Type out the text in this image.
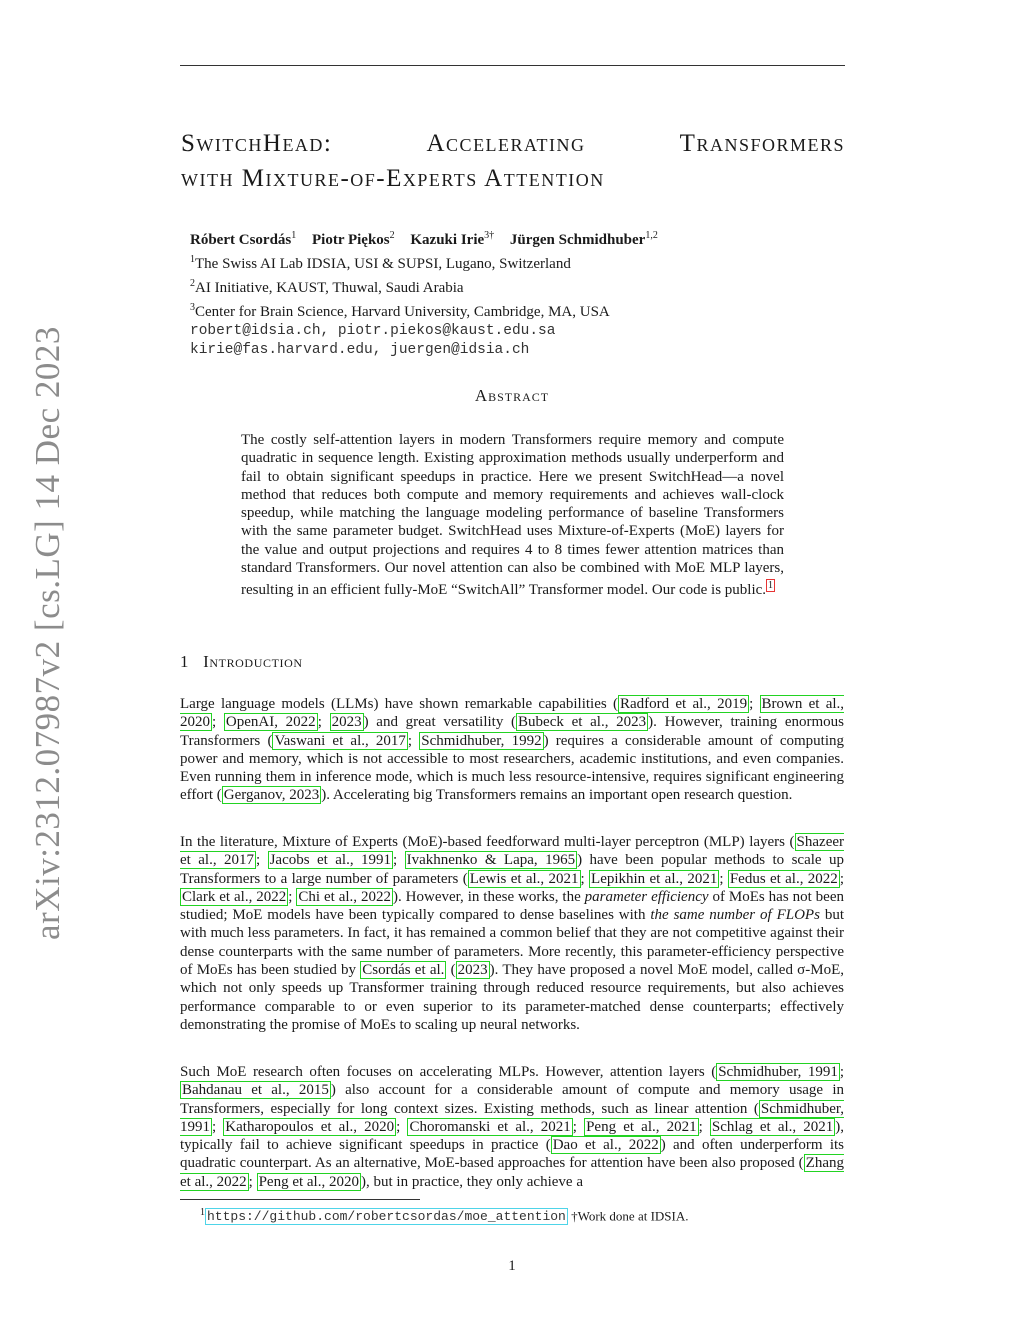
arXiv:2312.07987v2 [cs.LG] 14 Dec 2023
SwitchHead:	Accelerating	Transformers
with Mixture-of-Experts Attention
Róbert Csordás$^1$ Piotr Piękos$^2$ Kazuki Irie$^{3\dagger}$ Jürgen Schmidhuber$^{1,2}$
$^1$The Swiss AI Lab IDSIA, USI & SUPSI, Lugano, Switzerland
$^2$AI Initiative, KAUST, Thuwal, Saudi Arabia
$^3$Center for Brain Science, Harvard University, Cambridge, MA, USA
robert@idsia.ch, piotr.piekos@kaust.edu.sa
kirie@fas.harvard.edu, juergen@idsia.ch
Abstract
The costly self-attention layers in modern Transformers require memory and compute quadratic in sequence length. Existing approximation methods usually underperform and fail to obtain significant speedups in practice. Here we present SwitchHead—a novel method that reduces both compute and memory requirements and achieves wall-clock speedup, while matching the language modeling performance of baseline Transformers with the same parameter budget. SwitchHead uses Mixture-of-Experts (MoE) layers for the value and output projections and requires 4 to 8 times fewer attention matrices than standard Transformers. Our novel attention can also be combined with MoE MLP layers, resulting in an efficient fully-MoE “SwitchAll” Transformer model. Our code is public. $^1$
1 Introduction

Large language models (LLMs) have shown remarkable capabilities ( Radford et al., 2019 ; Brown et al., 2020 ; OpenAI, 2022 ; 2023 ) and great versatility ( Bubeck et al., 2023 ). However, training enormous Transformers ( Vaswani et al., 2017 ; Schmidhuber, 1992 ) requires a considerable amount of computing power and memory, which is not accessible to most researchers, academic institutions, and even companies. Even running them in inference mode, which is much less resource-intensive, requires significant engineering effort ( Gerganov, 2023 ). Accelerating big Transformers remains an important open research question.

In the literature, Mixture of Experts (MoE)-based feedforward multi-layer perceptron (MLP) layers ( Shazeer et al., 2017 ; Jacobs et al., 1991 ; Ivakhnenko & Lapa, 1965 ) have been popular methods to scale up Transformers to a large number of parameters ( Lewis et al., 2021 ; Lepikhin et al., 2021 ; Fedus et al., 2022 ; Clark et al., 2022 ; Chi et al., 2022 ). However, in these works, the parameter efficiency of MoEs has not been studied; MoE models have been typically compared to dense baselines with the same number of FLOPs but with much less parameters. In fact, it has remained a common belief that they are not competitive against their dense counterparts with the same number of parameters. More recently, this parameter-efficiency perspective of MoEs has been studied by Csordás et al. ( 2023 ). They have proposed a novel MoE model, called σ-MoE, which not only speeds up Transformer training through reduced resource requirements, but also achieves performance comparable to or even superior to its parameter-matched dense counterparts; effectively demonstrating the promise of MoEs to scaling up neural networks.

Such MoE research often focuses on accelerating MLPs. However, attention layers ( Schmidhuber, 1991 ; Bahdanau et al., 2015 ) also account for a considerable amount of compute and memory usage in Transformers, especially for long context sizes. Existing methods, such as linear attention ( Schmidhuber, 1991 ; Katharopoulos et al., 2020 ; Choromanski et al., 2021 ; Peng et al., 2021 ; Schlag et al., 2021 ), typically fail to achieve significant speedups in practice ( Dao et al., 2022 ) and often underperform its quadratic counterpart. As an alternative, MoE-based approaches for attention have been also proposed ( Zhang et al., 2022 ; Peng et al., 2020 ), but in practice, they only achieve a

$^1$ https://github.com/robertcsordas/moe_attention †Work done at IDSIA.
1
